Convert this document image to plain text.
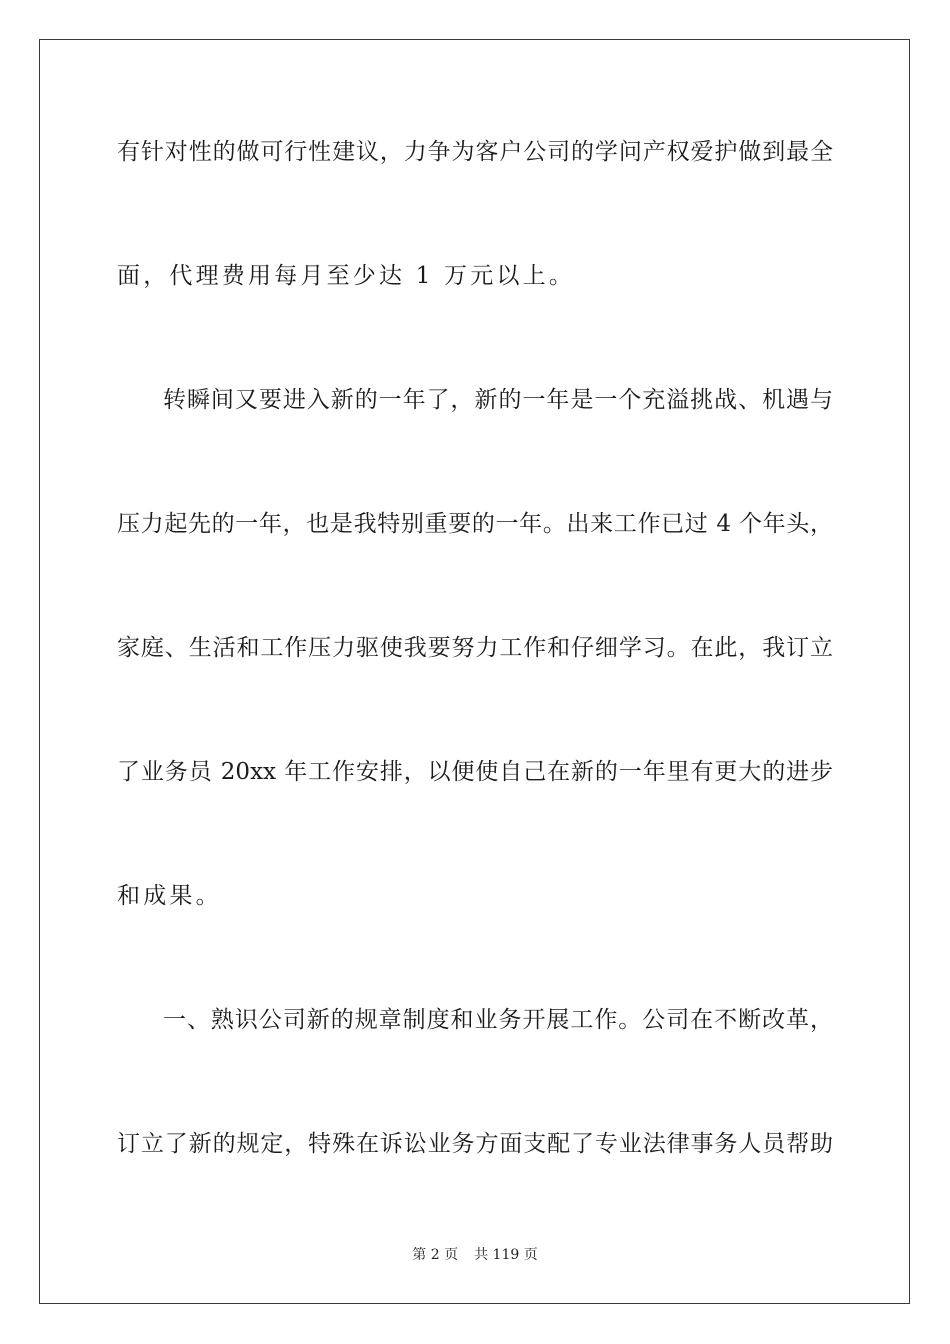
有针对性的做可行性建议，力争为客户公司的学问产权爱护做到最全
面，代理费用每月至少达 1 万元以上。
转瞬间又要进入新的一年了，新的一年是一个充溢挑战、机遇与
压力起先的一年，也是我特别重要的一年。出来工作已过 4 个年头，
家庭、生活和工作压力驱使我要努力工作和仔细学习。在此，我订立
了业务员 20xx 年工作安排，以便使自己在新的一年里有更大的进步
和成果。
一、熟识公司新的规章制度和业务开展工作。公司在不断改革，
订立了新的规定，特殊在诉讼业务方面支配了专业法律事务人员帮助
第 2 页 共 119 页
